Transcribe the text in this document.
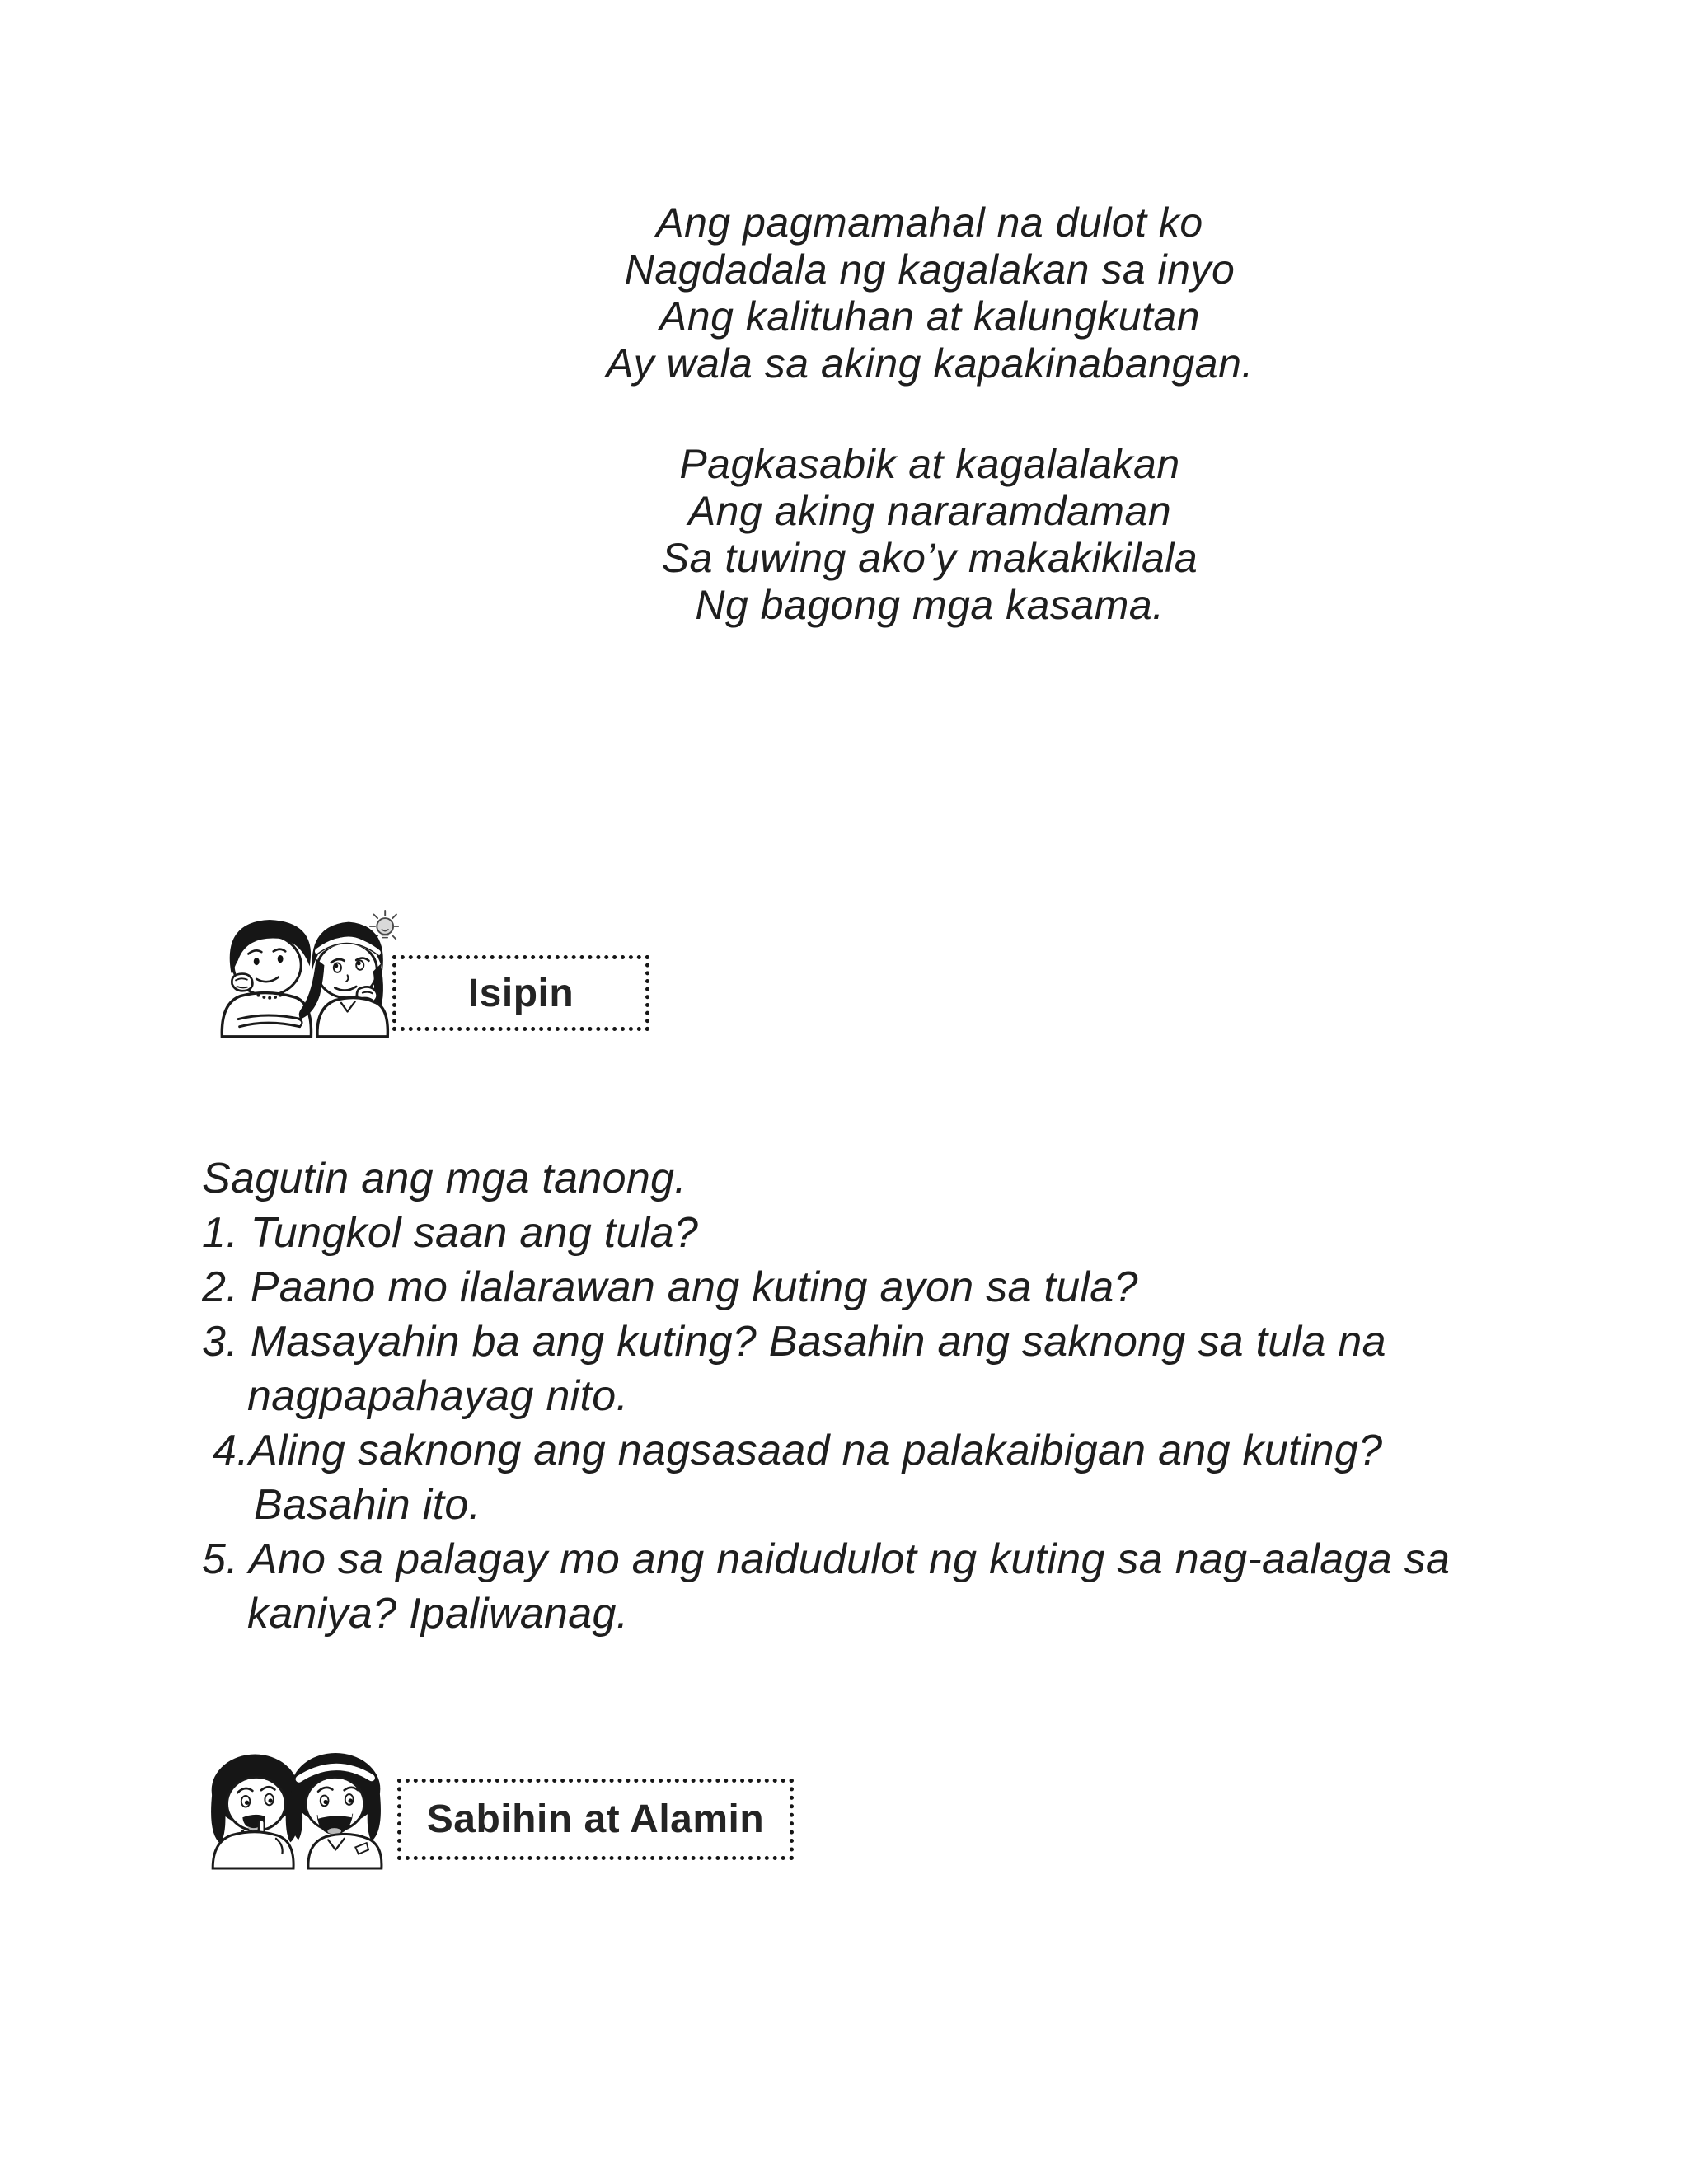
Ang pagmamahal na dulot ko
Nagdadala ng kagalakan sa inyo
Ang kalituhan at kalungkutan
Ay wala sa aking kapakinabangan.
Pagkasabik at kagalalakan
Ang aking nararamdaman
Sa tuwing ako’y makakikilala
Ng bagong mga kasama.
Isipin
Sagutin ang mga tanong.
1. Tungkol saan ang tula?
2. Paano mo ilalarawan ang kuting ayon sa tula?
3. Masayahin ba ang kuting? Basahin ang saknong sa tula na
nagpapahayag nito.
4.Aling saknong ang nagsasaad na palakaibigan ang kuting?
Basahin ito.
5. Ano sa palagay mo ang naidudulot ng kuting sa nag-aalaga sa
kaniya? Ipaliwanag.
Sabihin at Alamin
